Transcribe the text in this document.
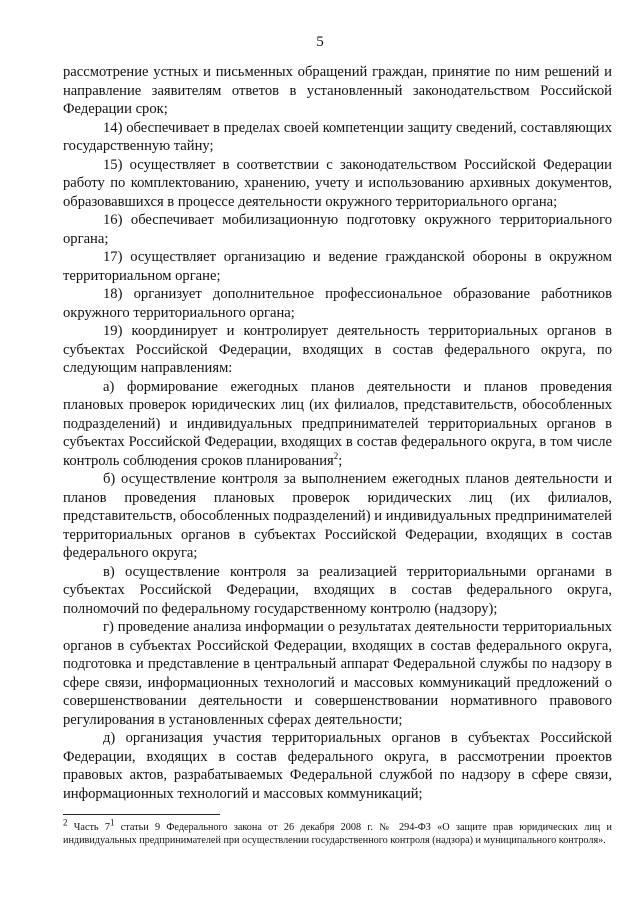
5

рассмотрение устных и письменных обращений граждан, принятие по ним решений и направление заявителям ответов в установленный законодательством Российской Федерации срок;

14) обеспечивает в пределах своей компетенции защиту сведений, составляющих государственную тайну;

15) осуществляет в соответствии с законодательством Российской Федерации работу по комплектованию, хранению, учету и использованию архивных документов, образовавшихся в процессе деятельности окружного территориального органа;

16) обеспечивает мобилизационную подготовку окружного территориального органа;

17) осуществляет организацию и ведение гражданской обороны в окружном территориальном органе;

18) организует дополнительное профессиональное образование работников окружного территориального органа;

19) координирует и контролирует деятельность территориальных органов в субъектах Российской Федерации, входящих в состав федерального округа, по следующим направлениям:

а) формирование ежегодных планов деятельности и планов проведения плановых проверок юридических лиц (их филиалов, представительств, обособленных подразделений) и индивидуальных предпринимателей территориальных органов в субъектах Российской Федерации, входящих в состав федерального округа, в том числе контроль соблюдения сроков планирования$^2$;

б) осуществление контроля за выполнением ежегодных планов деятельности и планов проведения плановых проверок юридических лиц (их филиалов, представительств, обособленных подразделений) и индивидуальных предпринимателей территориальных органов в субъектах Российской Федерации, входящих в состав федерального округа;

в) осуществление контроля за реализацией территориальными органами в субъектах Российской Федерации, входящих в состав федерального округа, полномочий по федеральному государственному контролю (надзору);

г) проведение анализа информации о результатах деятельности территориальных органов в субъектах Российской Федерации, входящих в состав федерального округа, подготовка и представление в центральный аппарат Федеральной службы по надзору в сфере связи, информационных технологий и массовых коммуникаций предложений о совершенствовании деятельности и совершенствовании нормативного правового регулирования в установленных сферах деятельности;

д) организация участия территориальных органов в субъектах Российской Федерации, входящих в состав федерального округа, в рассмотрении проектов правовых актов, разрабатываемых Федеральной службой по надзору в сфере связи, информационных технологий и массовых коммуникаций;

$^2$ Часть $7^1$ статьи 9 Федерального закона от 26 декабря 2008 г. № 294-ФЗ «О защите прав юридических лиц и индивидуальных предпринимателей при осуществлении государственного контроля (надзора) и муниципального контроля».
